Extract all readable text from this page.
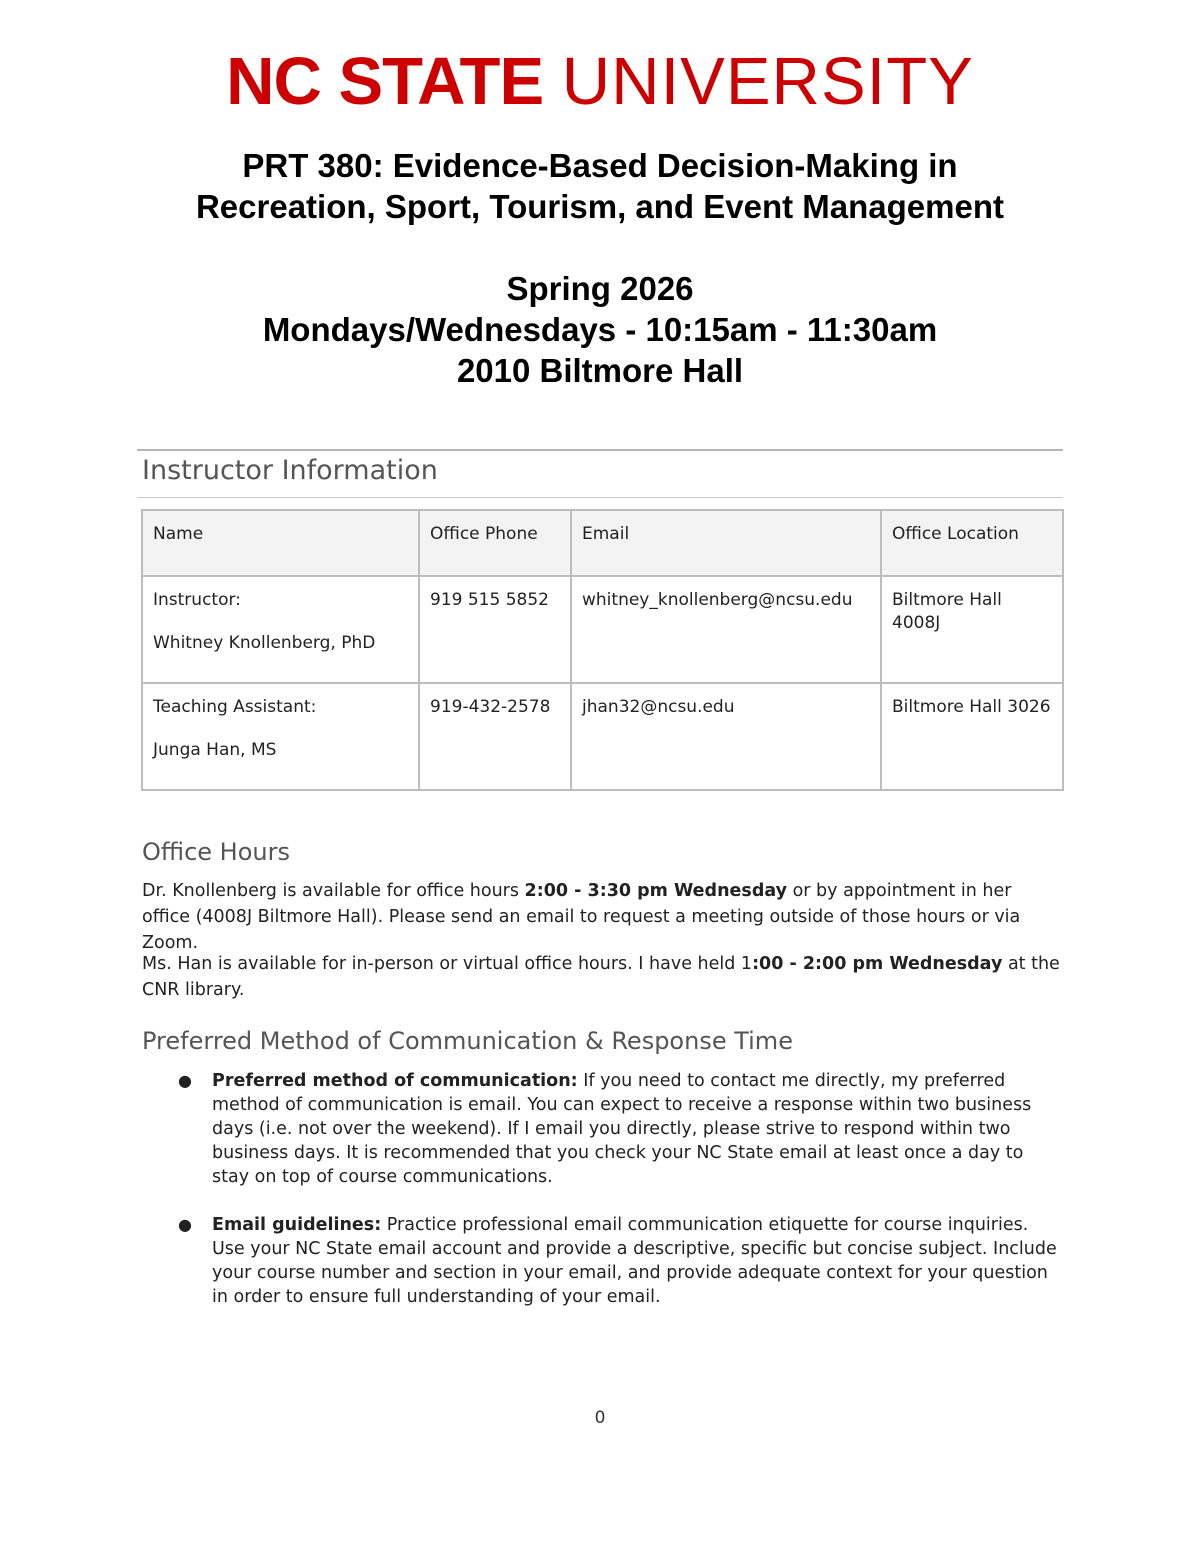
NC STATE UNIVERSITY
PRT 380: Evidence-Based Decision-Making in
Recreation, Sport, Tourism, and Event Management
Spring 2026
Mondays/Wednesdays - 10:15am - 11:30am
2010 Biltmore Hall
Instructor Information
Name	Office Phone	Email	Office Location

Instructor:
Whitney Knollenberg, PhD	919 515 5852	whitney_knollenberg@ncsu.edu	Biltmore Hall 4008J

Teaching Assistant:
Junga Han, MS	919-432-2578	jhan32@ncsu.edu	Biltmore Hall 3026
Office Hours
Dr. Knollenberg is available for office hours 2:00 - 3:30 pm Wednesday or by appointment in her office (4008J Biltmore Hall). Please send an email to request a meeting outside of those hours or via Zoom.
Ms. Han is available for in-person or virtual office hours. I have held 1:00 - 2:00 pm Wednesday at the CNR library.
Preferred Method of Communication & Response Time
● Preferred method of communication: If you need to contact me directly, my preferred method of communication is email. You can expect to receive a response within two business days (i.e. not over the weekend). If I email you directly, please strive to respond within two business days. It is recommended that you check your NC State email at least once a day to stay on top of course communications.
● Email guidelines: Practice professional email communication etiquette for course inquiries. Use your NC State email account and provide a descriptive, specific but concise subject. Include your course number and section in your email, and provide adequate context for your question in order to ensure full understanding of your email.
0
